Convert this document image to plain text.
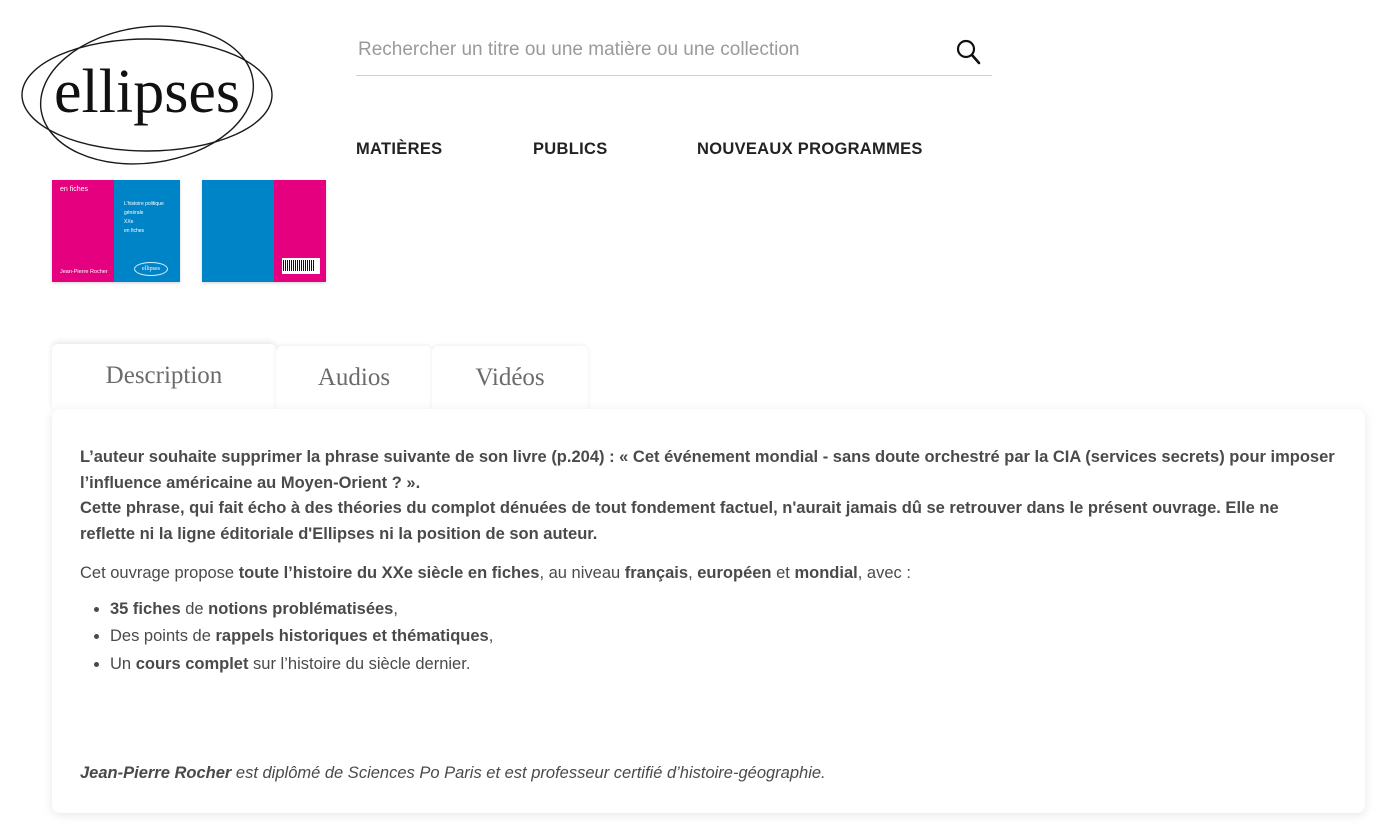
ellipses
Rechercher un titre ou une matière ou une collection
MATIÈRES	PUBLICS	NOUVEAUX PROGRAMMES
en fiches
L’histoire politique
générale
XXe
en fiches
Jean-Pierre Rocher	ellipses
Description	Audios	Vidéos

L’auteur souhaite supprimer la phrase suivante de son livre (p.204) : « Cet événement mondial - sans doute orchestré par la CIA (services secrets) pour imposer l’influence américaine au Moyen-Orient ? ».
Cette phrase, qui fait écho à des théories du complot dénuées de tout fondement factuel, n'aurait jamais dû se retrouver dans le présent ouvrage. Elle ne reflette ni la ligne éditoriale d'Ellipses ni la position de son auteur.

Cet ouvrage propose toute l’histoire du XXe siècle en fiches, au niveau français, européen et mondial, avec :

• 35 fiches de notions problématisées,
• Des points de rappels historiques et thématiques,
• Un cours complet sur l’histoire du siècle dernier.
Jean-Pierre Rocher est diplômé de Sciences Po Paris et est professeur certifié d’histoire-géographie.
